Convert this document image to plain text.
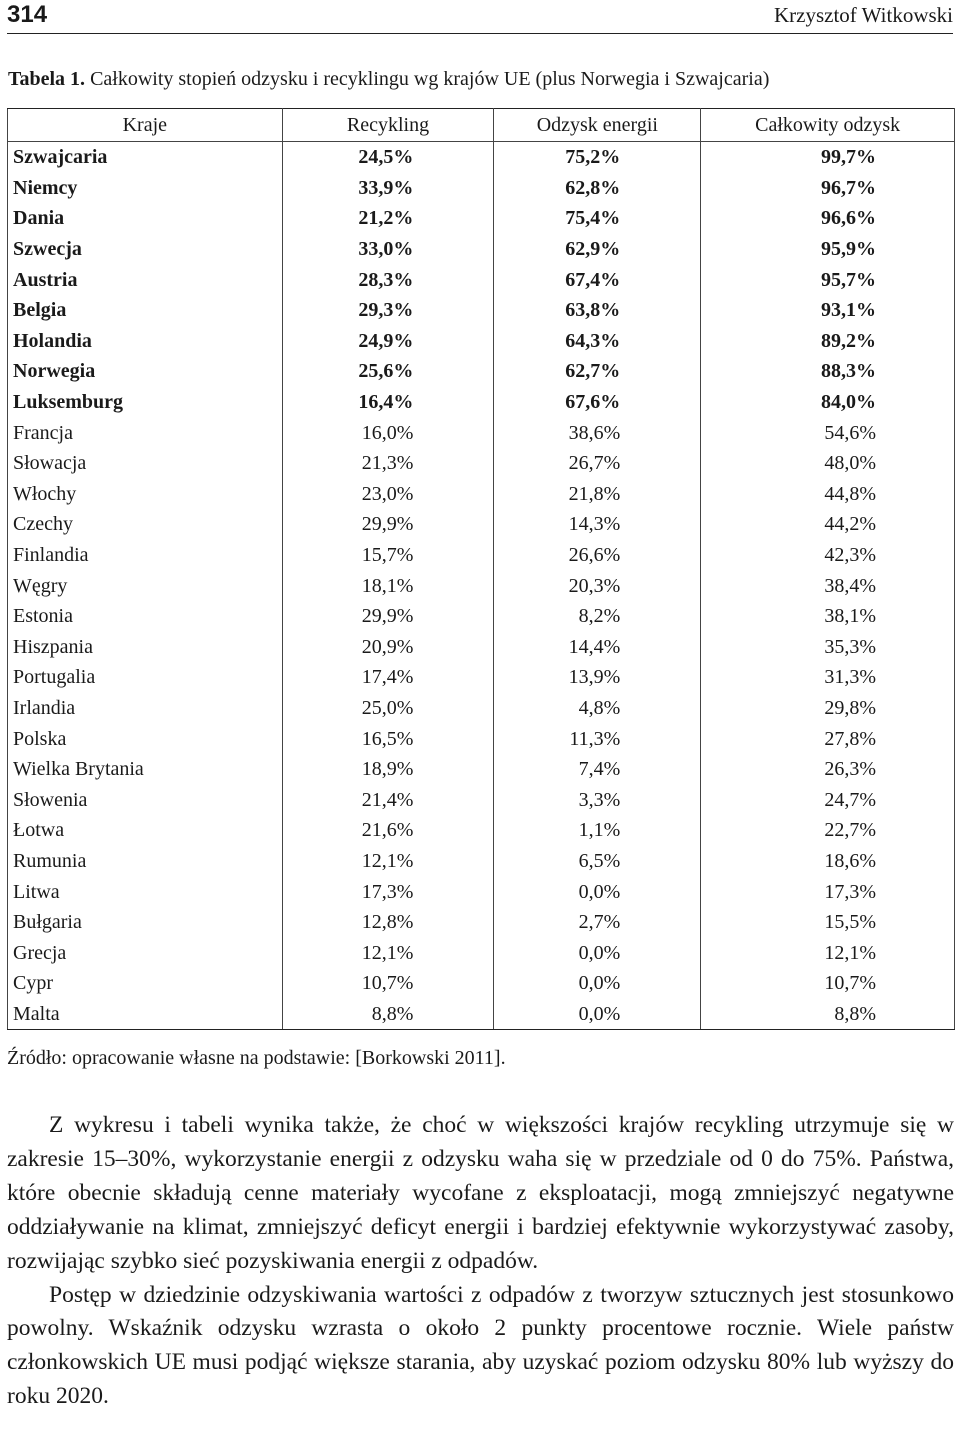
314	Krzysztof Witkowski
Tabela 1. Całkowity stopień odzysku i recyklingu wg krajów UE (plus Norwegia i Szwajcaria)
Kraje	Recykling	Odzysk energii	Całkowity odzysk
Szwajcaria	24,5%	75,2%	99,7%
Niemcy	33,9%	62,8%	96,7%
Dania	21,2%	75,4%	96,6%
Szwecja	33,0%	62,9%	95,9%
Austria	28,3%	67,4%	95,7%
Belgia	29,3%	63,8%	93,1%
Holandia	24,9%	64,3%	89,2%
Norwegia	25,6%	62,7%	88,3%
Luksemburg	16,4%	67,6%	84,0%
Francja	16,0%	38,6%	54,6%
Słowacja	21,3%	26,7%	48,0%
Włochy	23,0%	21,8%	44,8%
Czechy	29,9%	14,3%	44,2%
Finlandia	15,7%	26,6%	42,3%
Węgry	18,1%	20,3%	38,4%
Estonia	29,9%	8,2%	38,1%
Hiszpania	20,9%	14,4%	35,3%
Portugalia	17,4%	13,9%	31,3%
Irlandia	25,0%	4,8%	29,8%
Polska	16,5%	11,3%	27,8%
Wielka Brytania	18,9%	7,4%	26,3%
Słowenia	21,4%	3,3%	24,7%
Łotwa	21,6%	1,1%	22,7%
Rumunia	12,1%	6,5%	18,6%
Litwa	17,3%	0,0%	17,3%
Bułgaria	12,8%	2,7%	15,5%
Grecja	12,1%	0,0%	12,1%
Cypr	10,7%	0,0%	10,7%
Malta	8,8%	0,0%	8,8%
Źródło: opracowanie własne na podstawie: [Borkowski 2011].

Z wykresu i tabeli wynika także, że choć w większości krajów recykling utrzymuje się w zakresie 15–30%, wykorzystanie energii z odzysku waha się w przedziale od 0 do 75%. Państwa, które obecnie składują cenne materiały wycofane z eksploatacji, mogą zmniejszyć negatywne oddziaływanie na klimat, zmniejszyć deficyt energii i bardziej efektywnie wykorzystywać zasoby, rozwijając szybko sieć pozyskiwania energii z odpadów.

Postęp w dziedzinie odzyskiwania wartości z odpadów z tworzyw sztucznych jest stosunkowo powolny. Wskaźnik odzysku wzrasta o około 2 punkty procentowe rocznie. Wiele państw członkowskich UE musi podjąć większe starania, aby uzyskać poziom odzysku 80% lub wyższy do roku 2020.
